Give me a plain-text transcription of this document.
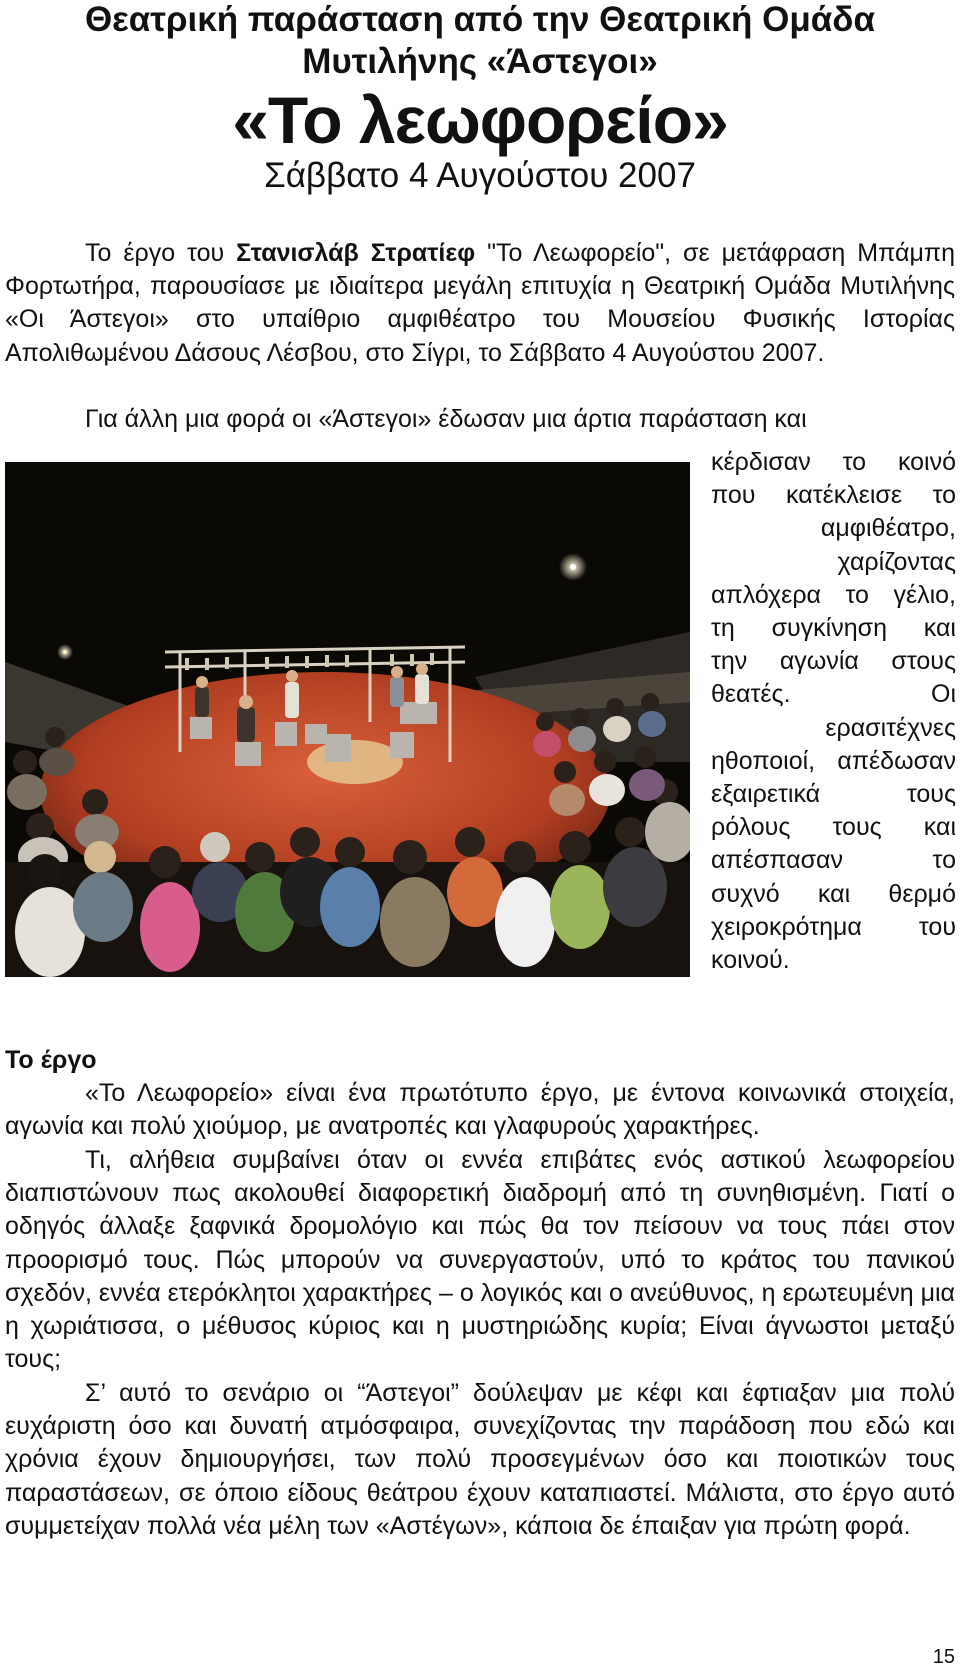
Θεατρική παράσταση από την Θεατρική Ομάδα
Μυτιλήνης «Άστεγοι»
«Το λεωφορείο»
Σάββατο 4 Αυγούστου 2007

Το έργο του Στανισλάβ Στρατίεφ "Το Λεωφορείο", σε μετάφραση Μπάμπη Φορτωτήρα, παρουσίασε με ιδιαίτερα μεγάλη επιτυχία η Θεατρική Ομάδα Μυτιλήνης «Οι Άστεγοι» στο υπαίθριο αμφιθέατρο του Μουσείου Φυσικής Ιστορίας Απολιθωμένου Δάσους Λέσβου, στο Σίγρι, το Σάββατο 4 Αυγούστου 2007.

Για άλλη μια φορά οι «Άστεγοι» έδωσαν μια άρτια παράσταση και

κέρδισαν το κοινό
που κατέκλεισε το
αμφιθέατρο,
χαρίζοντας
απλόχερα το γέλιο,
τη συγκίνηση και
την αγωνία στους
θεατές. Οι
ερασιτέχνες
ηθοποιοί, απέδωσαν
εξαιρετικά τους
ρόλους τους και
απέσπασαν το
συχνό και θερμό
χειροκρότημα του
κοινού.

Το έργο

«Το Λεωφορείο» είναι ένα πρωτότυπο έργο, με έντονα κοινωνικά στοιχεία, αγωνία και πολύ χιούμορ, με ανατροπές και γλαφυρούς χαρακτήρες.

Τι, αλήθεια συμβαίνει όταν οι εννέα επιβάτες ενός αστικού λεωφορείου διαπιστώνουν πως ακολουθεί διαφορετική διαδρομή από τη συνηθισμένη. Γιατί ο οδηγός άλλαξε ξαφνικά δρομολόγιο και πώς θα τον πείσουν να τους πάει στον προορισμό τους. Πώς μπορούν να συνεργαστούν, υπό το κράτος του πανικού σχεδόν, εννέα ετερόκλητοι χαρακτήρες – ο λογικός και ο ανεύθυνος, η ερωτευμένη μια η χωριάτισσα, ο μέθυσος κύριος και η μυστηριώδης κυρία; Είναι άγνωστοι μεταξύ τους;

Σ’ αυτό το σενάριο οι “Άστεγοι” δούλεψαν με κέφι και έφτιαξαν μια πολύ ευχάριστη όσο και δυνατή ατμόσφαιρα, συνεχίζοντας την παράδοση που εδώ και χρόνια έχουν δημιουργήσει, των πολύ προσεγμένων όσο και ποιοτικών τους παραστάσεων, σε όποιο είδους θεάτρου έχουν καταπιαστεί. Μάλιστα, στο έργο αυτό συμμετείχαν πολλά νέα μέλη των «Αστέγων», κάποια δε έπαιξαν για πρώτη φορά.

15
